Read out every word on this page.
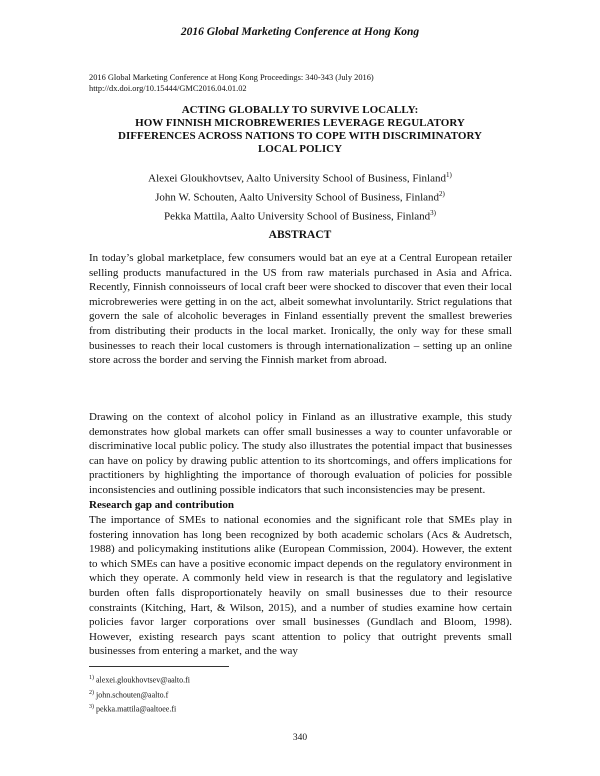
2016 Global Marketing Conference at Hong Kong
2016 Global Marketing Conference at Hong Kong Proceedings: 340-343 (July 2016)
http://dx.doi.org/10.15444/GMC2016.04.01.02
ACTING GLOBALLY TO SURVIVE LOCALLY:
HOW FINNISH MICROBREWERIES LEVERAGE REGULATORY
DIFFERENCES ACROSS NATIONS TO COPE WITH DISCRIMINATORY
LOCAL POLICY
Alexei Gloukhovtsev, Aalto University School of Business, Finland$^{1)}$
John W. Schouten, Aalto University School of Business, Finland$^{2)}$
Pekka Mattila, Aalto University School of Business, Finland$^{3)}$
ABSTRACT

In today’s global marketplace, few consumers would bat an eye at a Central European retailer selling products manufactured in the US from raw materials purchased in Asia and Africa. Recently, Finnish connoisseurs of local craft beer were shocked to discover that even their local microbreweries were getting in on the act, albeit somewhat involuntarily. Strict regulations that govern the sale of alcoholic beverages in Finland essentially prevent the smallest breweries from distributing their products in the local market. Ironically, the only way for these small businesses to reach their local customers is through internationalization – setting up an online store across the border and serving the Finnish market from abroad.

Drawing on the context of alcohol policy in Finland as an illustrative example, this study demonstrates how global markets can offer small businesses a way to counter unfavorable or discriminative local public policy. The study also illustrates the potential impact that businesses can have on policy by drawing public attention to its shortcomings, and offers implications for practitioners by highlighting the importance of thorough evaluation of policies for possible inconsistencies and outlining possible indicators that such inconsistencies may be present.

Research gap and contribution

The importance of SMEs to national economies and the significant role that SMEs play in fostering innovation has long been recognized by both academic scholars (Acs & Audretsch, 1988) and policymaking institutions alike (European Commission, 2004). However, the extent to which SMEs can have a positive economic impact depends on the regulatory environment in which they operate. A commonly held view in research is that the regulatory and legislative burden often falls disproportionately heavily on small businesses due to their resource constraints (Kitching, Hart, & Wilson, 2015), and a number of studies examine how certain policies favor larger corporations over small businesses (Gundlach and Bloom, 1998). However, existing research pays scant attention to policy that outright prevents small businesses from entering a market, and the way

$^{1)}$ alexei.gloukhovtsev@aalto.fi
$^{2)}$ john.schouten@aalto.f
$^{3)}$ pekka.mattila@aaltoee.fi
340
